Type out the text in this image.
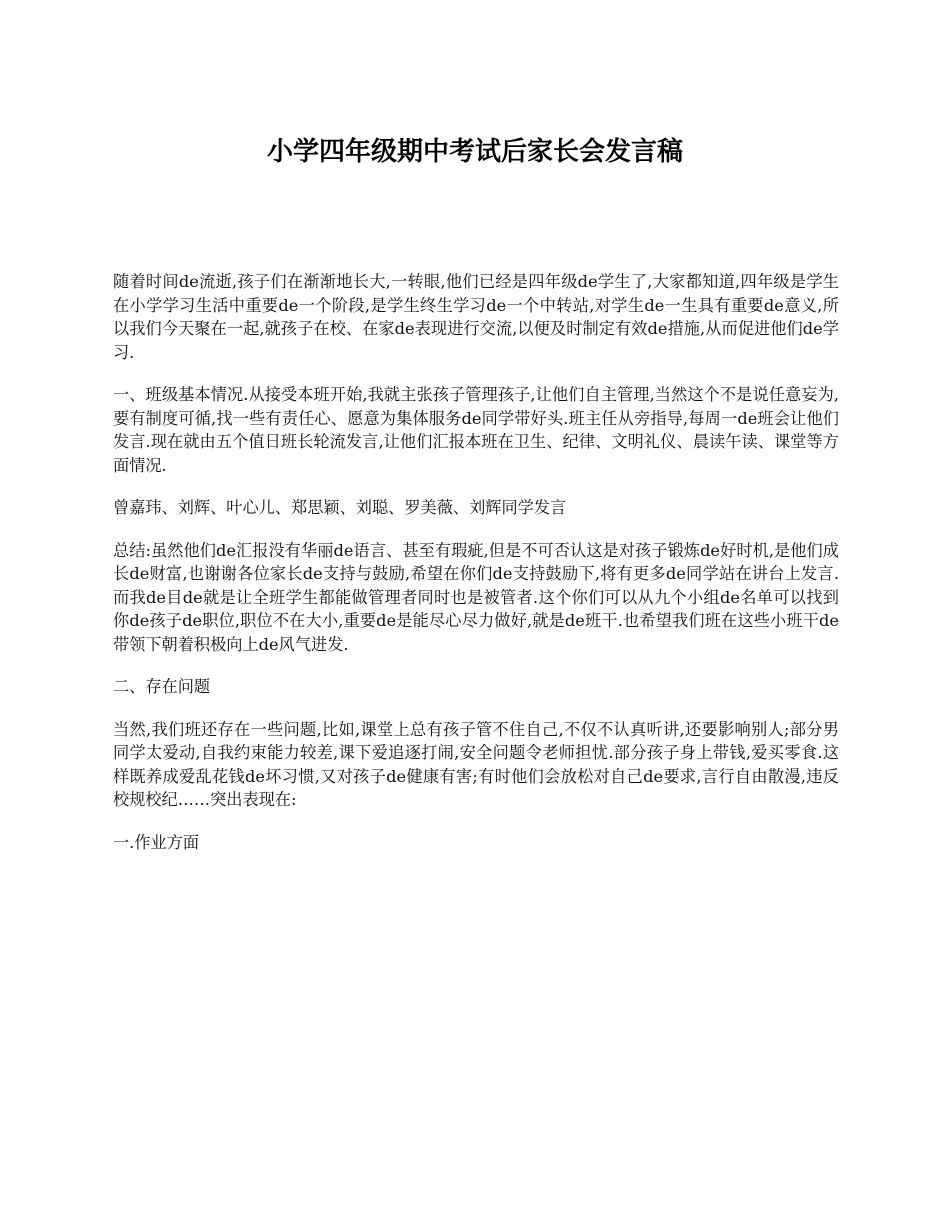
小学四年级期中考试后家长会发言稿

随着时间de流逝,孩子们在渐渐地长大,一转眼,他们已经是四年级de学生了,大家都知道,四年级是学生在小学学习生活中重要de一个阶段,是学生终生学习de一个中转站,对学生de一生具有重要de意义,所以我们今天聚在一起,就孩子在校、在家de表现进行交流,以便及时制定有效de措施,从而促进他们de学习.

一、班级基本情况.从接受本班开始,我就主张孩子管理孩子,让他们自主管理,当然这个不是说任意妄为,要有制度可循,找一些有责任心、愿意为集体服务de同学带好头.班主任从旁指导,每周一de班会让他们发言.现在就由五个值日班长轮流发言,让他们汇报本班在卫生、纪律、文明礼仪、晨读午读、课堂等方面情况.

曾嘉玮、刘辉、叶心儿、郑思颖、刘聪、罗美薇、刘辉同学发言

总结:虽然他们de汇报没有华丽de语言、甚至有瑕疵,但是不可否认这是对孩子锻炼de好时机,是他们成长de财富,也谢谢各位家长de支持与鼓励,希望在你们de支持鼓励下,将有更多de同学站在讲台上发言.而我de目de就是让全班学生都能做管理者同时也是被管者.这个你们可以从九个小组de名单可以找到你de孩子de职位,职位不在大小,重要de是能尽心尽力做好,就是de班干.也希望我们班在这些小班干de带领下朝着积极向上de风气进发.

二、存在问题

当然,我们班还存在一些问题,比如,课堂上总有孩子管不住自己,不仅不认真听讲,还要影响别人;部分男同学太爱动,自我约束能力较差,课下爱追逐打闹,安全问题令老师担忧.部分孩子身上带钱,爱买零食.这样既养成爱乱花钱de坏习惯,又对孩子de健康有害;有时他们会放松对自己de要求,言行自由散漫,违反校规校纪……突出表现在:

一.作业方面
